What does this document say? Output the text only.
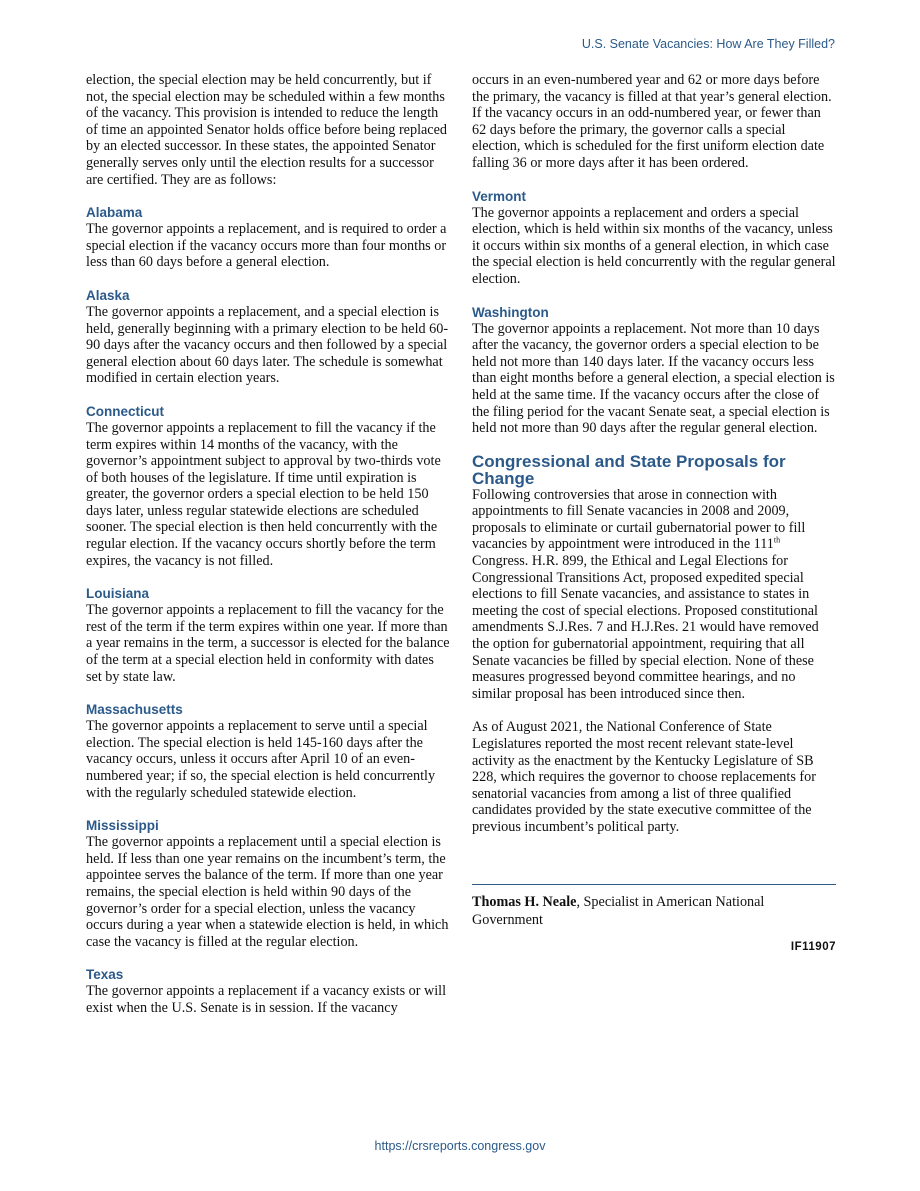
U.S. Senate Vacancies: How Are They Filled?

election, the special election may be held concurrently, but if not, the special election may be scheduled within a few months of the vacancy. This provision is intended to reduce the length of time an appointed Senator holds office before being replaced by an elected successor. In these states, the appointed Senator generally serves only until the election results for a successor are certified. They are as follows:

Alabama

The governor appoints a replacement, and is required to order a special election if the vacancy occurs more than four months or less than 60 days before a general election.

Alaska

The governor appoints a replacement, and a special election is held, generally beginning with a primary election to be held 60-90 days after the vacancy occurs and then followed by a special general election about 60 days later. The schedule is somewhat modified in certain election years.

Connecticut

The governor appoints a replacement to fill the vacancy if the term expires within 14 months of the vacancy, with the governor’s appointment subject to approval by two-thirds vote of both houses of the legislature. If time until expiration is greater, the governor orders a special election to be held 150 days later, unless regular statewide elections are scheduled sooner. The special election is then held concurrently with the regular election. If the vacancy occurs shortly before the term expires, the vacancy is not filled.

Louisiana

The governor appoints a replacement to fill the vacancy for the rest of the term if the term expires within one year. If more than a year remains in the term, a successor is elected for the balance of the term at a special election held in conformity with dates set by state law.

Massachusetts

The governor appoints a replacement to serve until a special election. The special election is held 145-160 days after the vacancy occurs, unless it occurs after April 10 of an even-numbered year; if so, the special election is held concurrently with the regularly scheduled statewide election.

Mississippi

The governor appoints a replacement until a special election is held. If less than one year remains on the incumbent’s term, the appointee serves the balance of the term. If more than one year remains, the special election is held within 90 days of the governor’s order for a special election, unless the vacancy occurs during a year when a statewide election is held, in which case the vacancy is filled at the regular election.

Texas

The governor appoints a replacement if a vacancy exists or will exist when the U.S. Senate is in session. If the vacancy

occurs in an even-numbered year and 62 or more days before the primary, the vacancy is filled at that year’s general election. If the vacancy occurs in an odd-numbered year, or fewer than 62 days before the primary, the governor calls a special election, which is scheduled for the first uniform election date falling 36 or more days after it has been ordered.

Vermont

The governor appoints a replacement and orders a special election, which is held within six months of the vacancy, unless it occurs within six months of a general election, in which case the special election is held concurrently with the regular general election.

Washington

The governor appoints a replacement. Not more than 10 days after the vacancy, the governor orders a special election to be held not more than 140 days later. If the vacancy occurs less than eight months before a general election, a special election is held at the same time. If the vacancy occurs after the close of the filing period for the vacant Senate seat, a special election is held not more than 90 days after the regular general election.

Congressional and State Proposals for Change

Following controversies that arose in connection with appointments to fill Senate vacancies in 2008 and 2009, proposals to eliminate or curtail gubernatorial power to fill vacancies by appointment were introduced in the 111th Congress. H.R. 899, the Ethical and Legal Elections for Congressional Transitions Act, proposed expedited special elections to fill Senate vacancies, and assistance to states in meeting the cost of special elections. Proposed constitutional amendments S.J.Res. 7 and H.J.Res. 21 would have removed the option for gubernatorial appointment, requiring that all Senate vacancies be filled by special election. None of these measures progressed beyond committee hearings, and no similar proposal has been introduced since then.

As of August 2021, the National Conference of State Legislatures reported the most recent relevant state-level activity as the enactment by the Kentucky Legislature of SB 228, which requires the governor to choose replacements for senatorial vacancies from among a list of three qualified candidates provided by the state executive committee of the previous incumbent’s political party.

Thomas H. Neale, Specialist in American National Government

IF11907
https://crsreports.congress.gov
